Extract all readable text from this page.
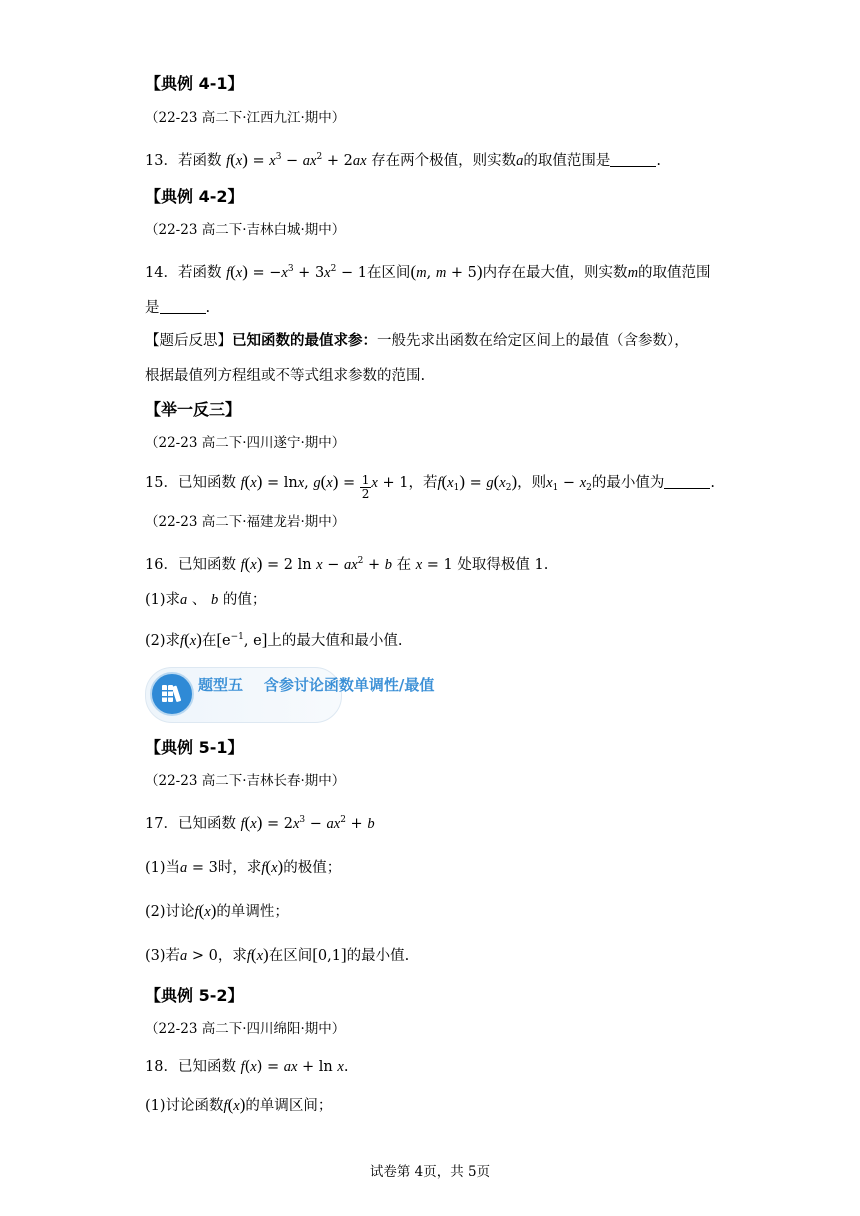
【典例 4-1】
（22-23 高二下·江西九江·期中）
13．若函数 $f(x) = x^3 - ax^2 + 2ax$ 存在两个极值，则实数a的取值范围是	.
【典例 4-2】
（22-23 高二下·吉林白城·期中）
14．若函数 $f(x) = -x^3 + 3x^2 - 1$在区间(m, m + 5)内存在最大值，则实数m的取值范围
是	.
【题后反思】已知函数的最值求参：一般先求出函数在给定区间上的最值（含参数），
根据最值列方程组或不等式组求参数的范围.
【举一反三】
（22-23 高二下·四川遂宁·期中）
15．已知函数 f(x) = lnx, $g(x) = \frac{1}{2}$ x + 1，若$f(x_1) = g(x_2)$，则$x_1 - x_2$的最小值为	.
（22-23 高二下·福建龙岩·期中）
16．已知函数 f(x) = 2 $\ln x - ax^2 + b$ 在 x = 1 处取得极值 1.
(1)求a 、 b 的值；
(2)求f(x)在[$e^{-1}$, e]上的最大值和最小值.
题型五 含参讨论函数单调性/最值
【典例 5-1】
（22-23 高二下·吉林长春·期中）
17．已知函数 $f(x) = 2x^3 - ax^2 + b$
(1)当a = 3时，求f(x)的极值；
(2)讨论f(x)的单调性；
(3)若a > 0，求f(x)在区间[0,1]的最小值.
【典例 5-2】
（22-23 高二下·四川绵阳·期中）
18．已知函数 f(x) = ax + ln x.
(1)讨论函数f(x)的单调区间；
试卷第 4页，共 5页
